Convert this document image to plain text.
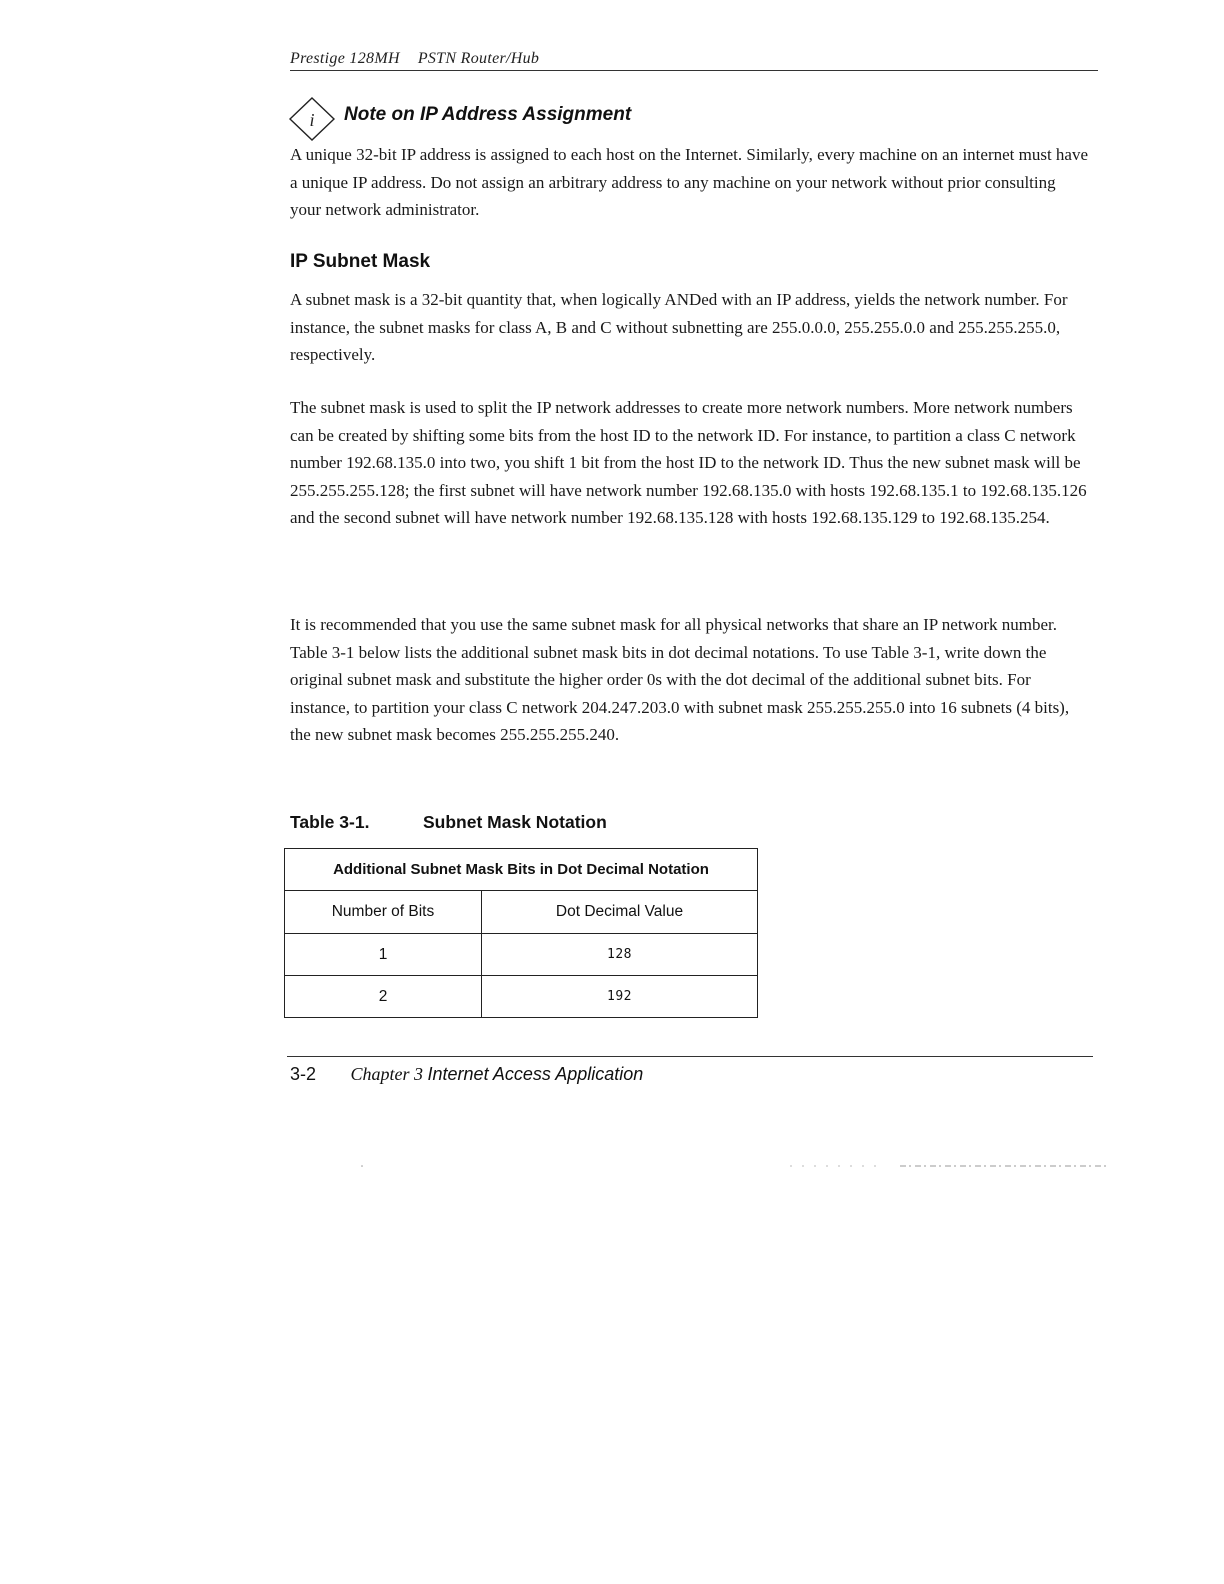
Prestige 128MH PSTN Router/Hub
i Note on IP Address Assignment

A unique 32-bit IP address is assigned to each host on the Internet. Similarly, every machine on an internet must have a unique IP address. Do not assign an arbitrary address to any machine on your network without prior consulting your network administrator.

IP Subnet Mask

A subnet mask is a 32-bit quantity that, when logically ANDed with an IP address, yields the network number. For instance, the subnet masks for class A, B and C without subnetting are 255.0.0.0, 255.255.0.0 and 255.255.255.0, respectively.

The subnet mask is used to split the IP network addresses to create more network numbers. More network numbers can be created by shifting some bits from the host ID to the network ID. For instance, to partition a class C network number 192.68.135.0 into two, you shift 1 bit from the host ID to the network ID. Thus the new subnet mask will be 255.255.255.128; the first subnet will have network number 192.68.135.0 with hosts 192.68.135.1 to 192.68.135.126 and the second subnet will have network number 192.68.135.128 with hosts 192.68.135.129 to 192.68.135.254.

It is recommended that you use the same subnet mask for all physical networks that share an IP network number. Table 3-1 below lists the additional subnet mask bits in dot decimal notations. To use Table 3-1, write down the original subnet mask and substitute the higher order 0s with the dot decimal of the additional subnet bits. For instance, to partition your class C network 204.247.203.0 with subnet mask 255.255.255.0 into 16 subnets (4 bits), the new subnet mask becomes 255.255.255.240.

Table 3-1.	Subnet Mask Notation
Additional Subnet Mask Bits in Dot Decimal Notation	
Number of Bits	Dot Decimal Value
1	128
2	192
3-2 Chapter 3 Internet Access Application
